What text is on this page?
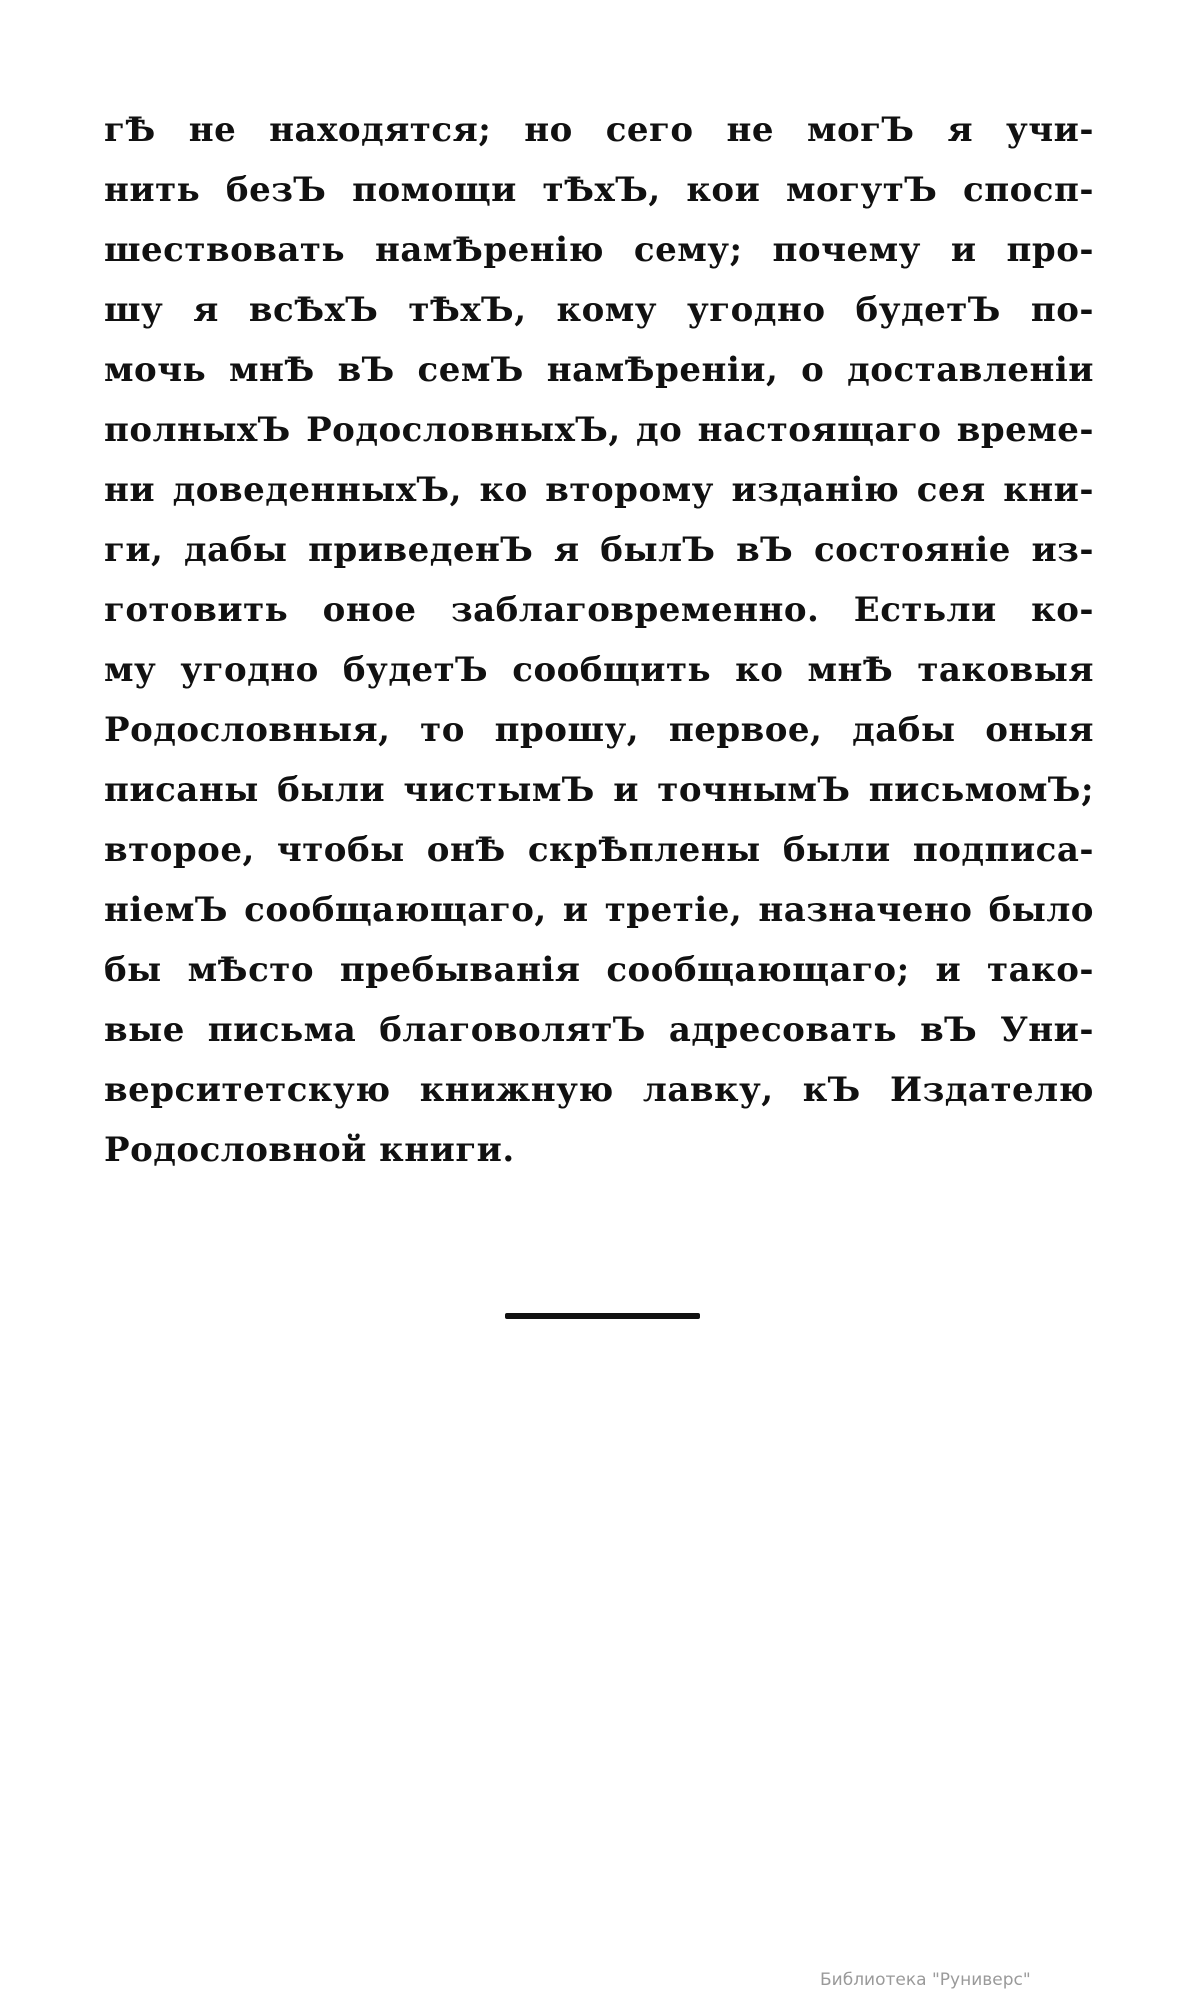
гѢ не находятся; но сего не могЪ я учи-
нить безЪ помощи тѢхЪ, кои могутЪ спосп-
шествовать намѢренію сему; почему и про-
шу я всѢхЪ тѢхЪ, кому угодно будетЪ по-
мочь мнѢ вЪ семЪ намѢреніи, о доставленіи
полныхЪ РодословныхЪ, до настоящаго време-
ни доведенныхЪ, ко второму изданію сея кни-
ги, дабы приведенЪ я былЪ вЪ состояніе из-
готовить оное заблаговременно. Естьли ко-
му угодно будетЪ сообщить ко мнѢ таковыя
Родословныя, то прошу, первое, дабы оныя
писаны были чистымЪ и точнымЪ письмомЪ;
второе, чтобы онѢ скрѢплены были подписа-
ніемЪ сообщающаго, и третіе, назначено было
бы мѢсто пребыванія сообщающаго; и тако-
вые письма благоволятЪ адресовать вЪ Уни-
верситетскую книжную лавку, кЪ Издателю
Родословной книги.
Библиотека "Руниверс"
